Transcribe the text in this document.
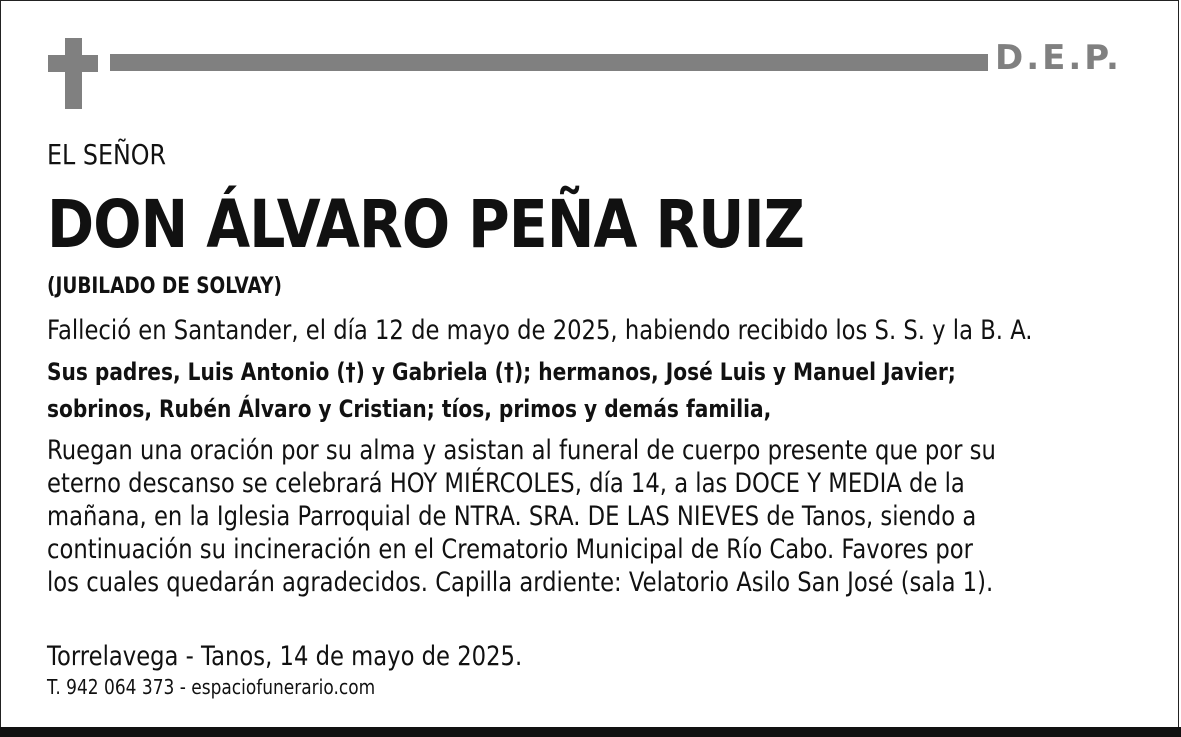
D.E.P.
EL SEÑOR
DON ÁLVARO PEÑA RUIZ
(JUBILADO DE SOLVAY)
Falleció en Santander, el día 12 de mayo de 2025, habiendo recibido los S. S. y la B. A.
Sus padres, Luis Antonio (†) y Gabriela (†); hermanos, José Luis y Manuel Javier;
sobrinos, Rubén Álvaro y Cristian; tíos, primos y demás familia,
Ruegan una oración por su alma y asistan al funeral de cuerpo presente que por su
eterno descanso se celebrará HOY MIÉRCOLES, día 14, a las DOCE Y MEDIA de la
mañana, en la Iglesia Parroquial de NTRA. SRA. DE LAS NIEVES de Tanos, siendo a
continuación su incineración en el Crematorio Municipal de Río Cabo. Favores por
los cuales quedarán agradecidos. Capilla ardiente: Velatorio Asilo San José (sala 1).
Torrelavega - Tanos, 14 de mayo de 2025.
T. 942 064 373 - espaciofunerario.com
